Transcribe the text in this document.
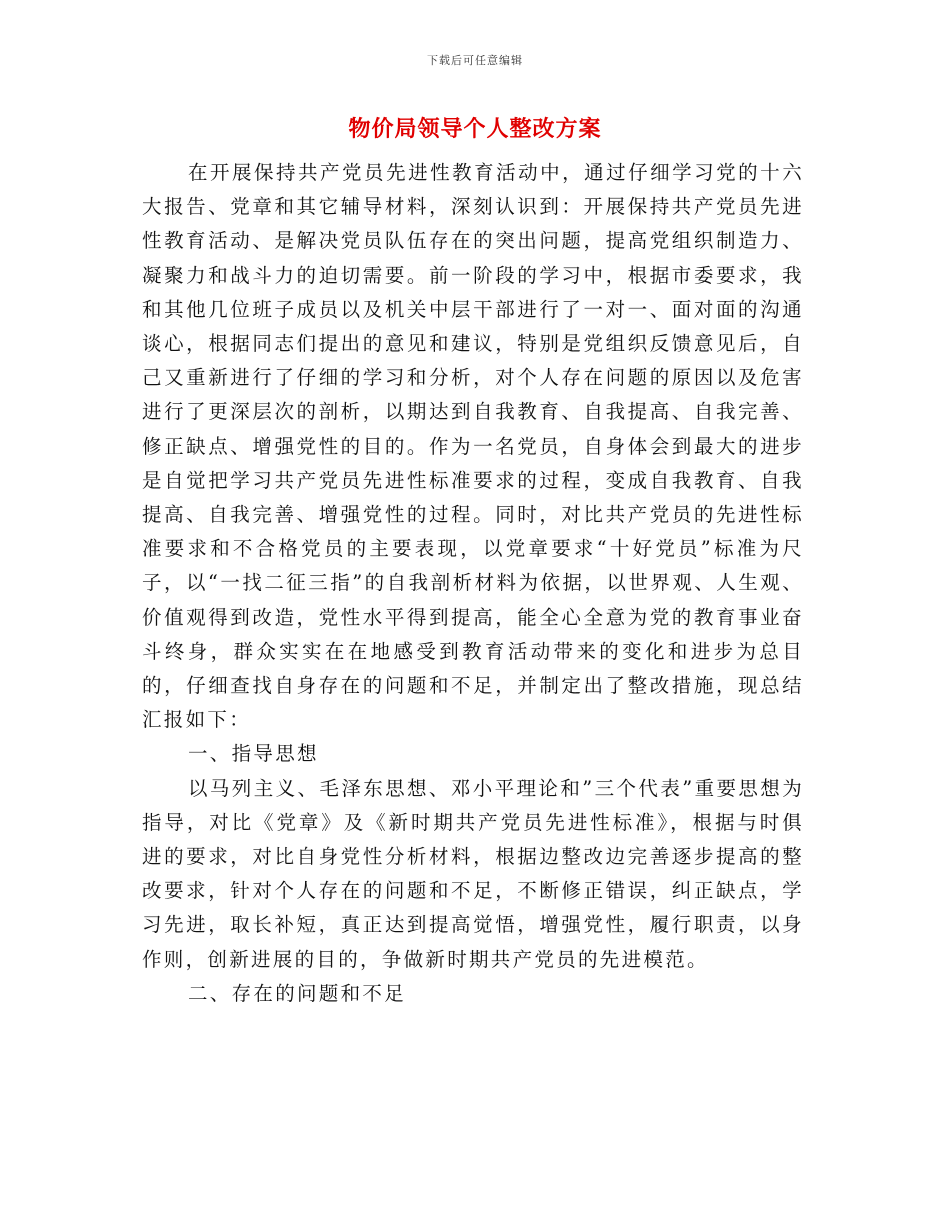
下载后可任意编辑
物价局领导个人整改方案

在开展保持共产党员先进性教育活动中，通过仔细学习党的十六大报告、党章和其它辅导材料，深刻认识到：开展保持共产党员先进性教育活动、是解决党员队伍存在的突出问题，提高党组织制造力、凝聚力和战斗力的迫切需要。前一阶段的学习中，根据市委要求，我和其他几位班子成员以及机关中层干部进行了一对一、面对面的沟通谈心，根据同志们提出的意见和建议，特别是党组织反馈意见后，自己又重新进行了仔细的学习和分析，对个人存在问题的原因以及危害进行了更深层次的剖析，以期达到自我教育、自我提高、自我完善、修正缺点、增强党性的目的。作为一名党员，自身体会到最大的进步是自觉把学习共产党员先进性标准要求的过程，变成自我教育、自我提高、自我完善、增强党性的过程。同时，对比共产党员的先进性标准要求和不合格党员的主要表现，以党章要求“十好党员”标准为尺子，以“一找二征三指”的自我剖析材料为依据，以世界观、人生观、价值观得到改造，党性水平得到提高，能全心全意为党的教育事业奋斗终身，群众实实在在地感受到教育活动带来的变化和进步为总目的，仔细查找自身存在的问题和不足，并制定出了整改措施，现总结汇报如下：

一、指导思想

以马列主义、毛泽东思想、邓小平理论和”三个代表”重要思想为指导，对比《党章》及《新时期共产党员先进性标准》，根据与时俱进的要求，对比自身党性分析材料，根据边整改边完善逐步提高的整改要求，针对个人存在的问题和不足，不断修正错误，纠正缺点，学习先进，取长补短，真正达到提高觉悟，增强党性，履行职责，以身作则，创新进展的目的，争做新时期共产党员的先进模范。

二、存在的问题和不足
